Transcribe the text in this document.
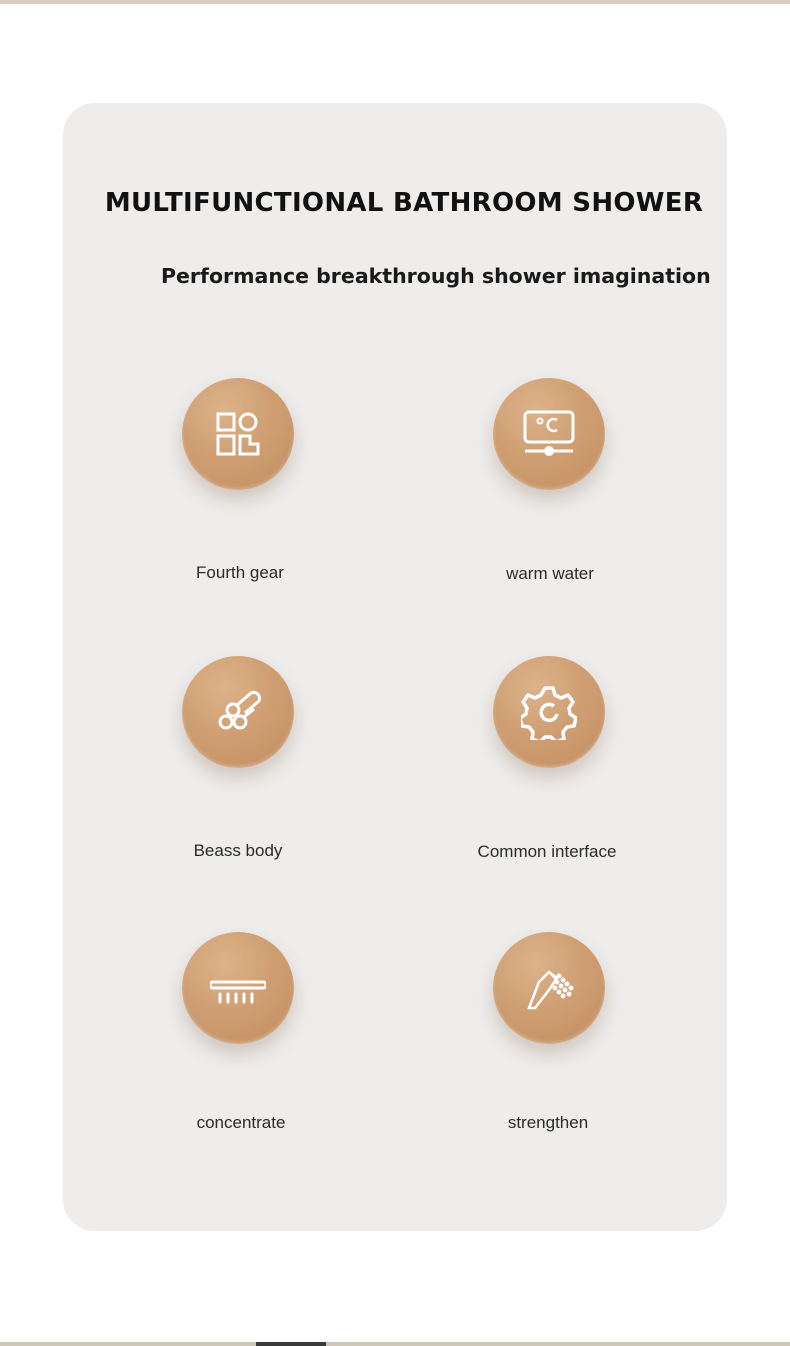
MULTIFUNCTIONAL BATHROOM SHOWER
Performance breakthrough shower imagination
Fourth gear	warm water
Beass body	Common interface
concentrate	strengthen
